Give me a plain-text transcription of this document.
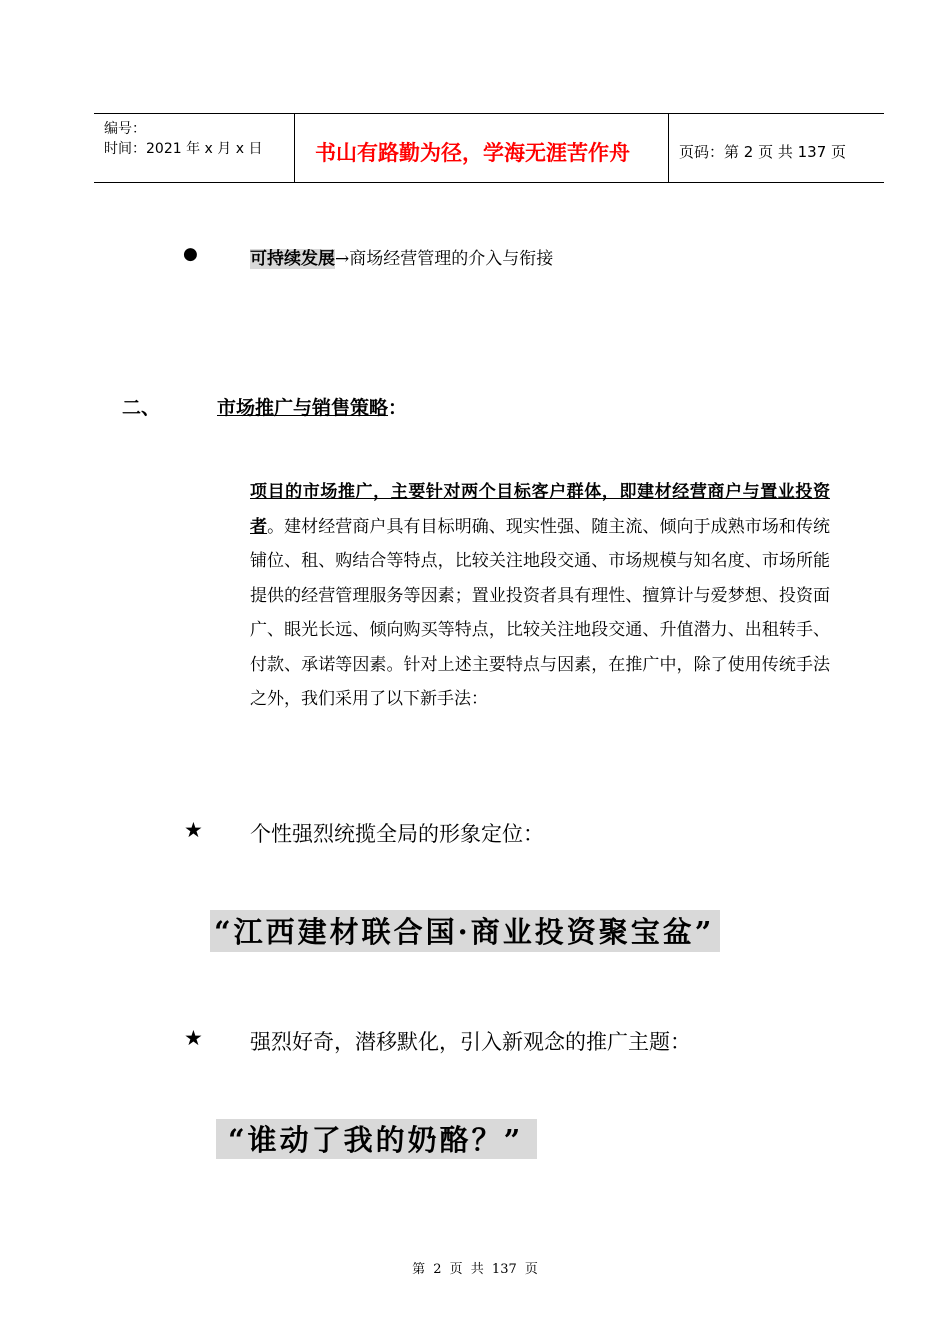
编号：
时间：2021 年 x 月 x 日	书山有路勤为径，学海无涯苦作舟	页码：第 2 页 共 137 页
●	可持续发展→商场经营管理的介入与衔接
二、	市场推广与销售策略：
项目的市场推广，主要针对两个目标客户群体，即建材经营商户与置业投资者。建材经营商户具有目标明确、现实性强、随主流、倾向于成熟市场和传统铺位、租、购结合等特点，比较关注地段交通、市场规模与知名度、市场所能提供的经营管理服务等因素；置业投资者具有理性、擅算计与爱梦想、投资面广、眼光长远、倾向购买等特点，比较关注地段交通、升值潜力、出租转手、付款、承诺等因素。针对上述主要特点与因素，在推广中，除了使用传统手法之外，我们采用了以下新手法：
★ 个性强烈统揽全局的形象定位：
“江西建材联合国·商业投资聚宝盆”
★ 强烈好奇，潜移默化，引入新观念的推广主题：
“谁动了我的奶酪？”
第 2 页 共 137 页
